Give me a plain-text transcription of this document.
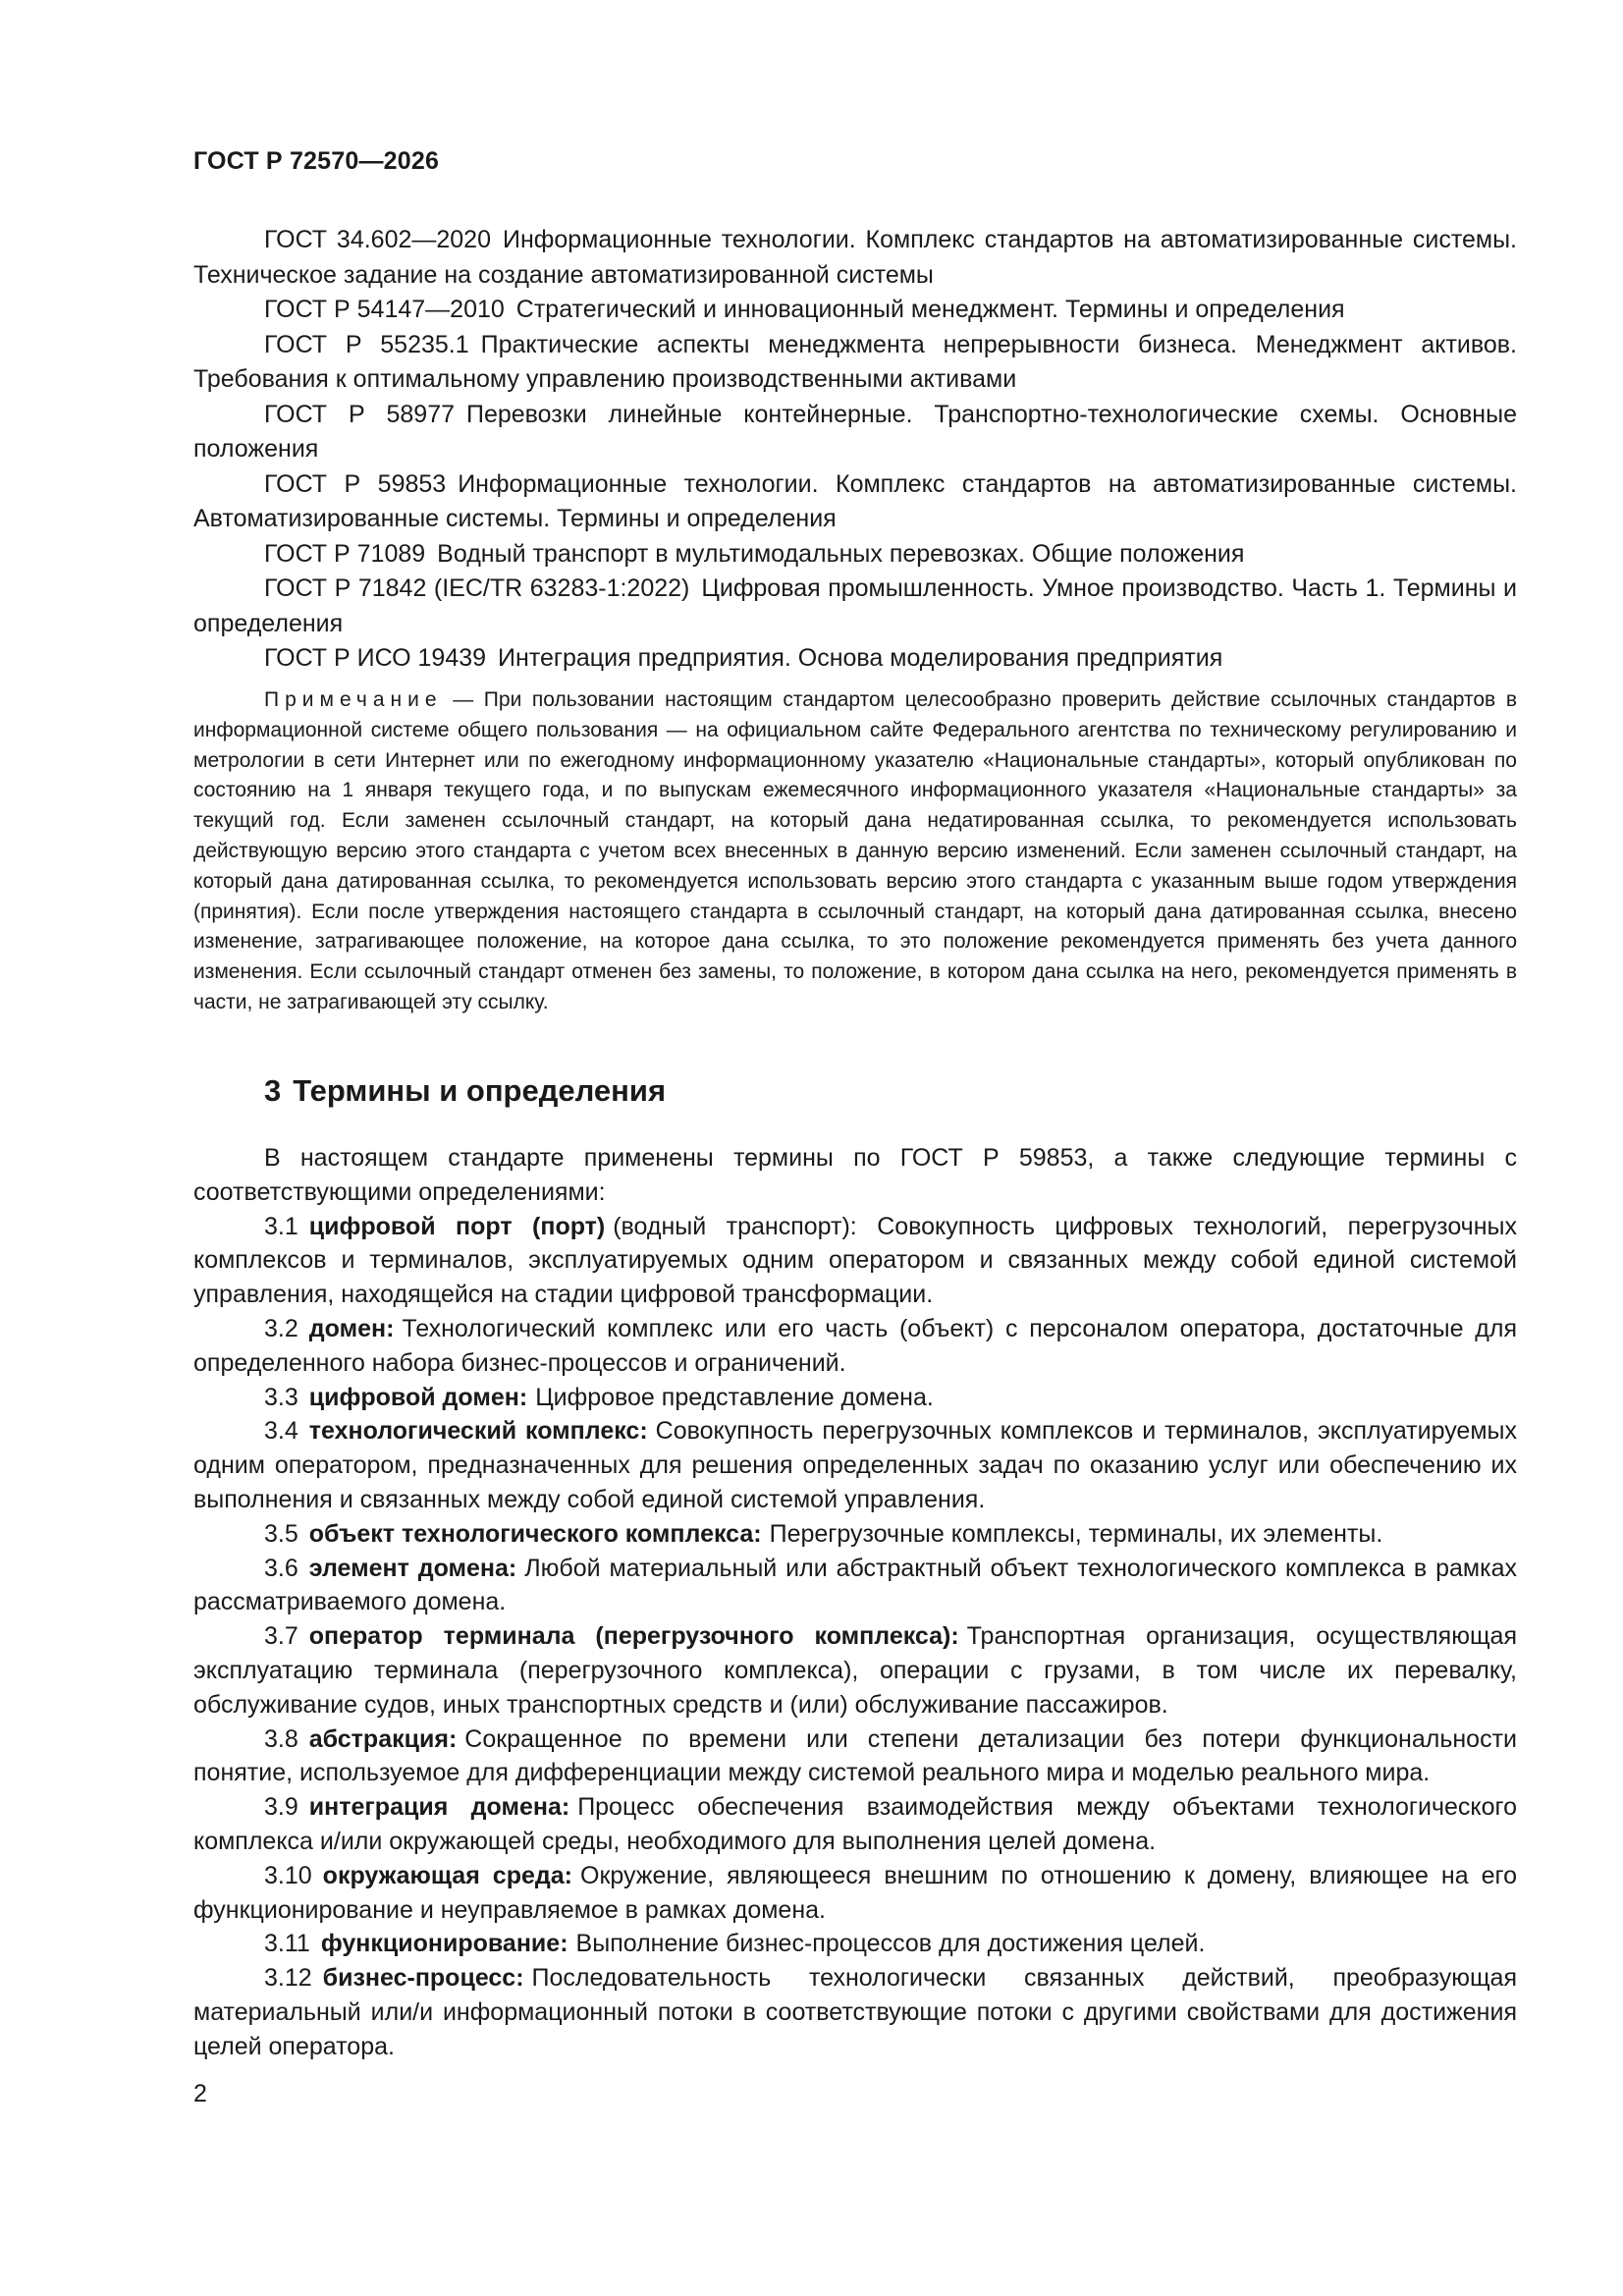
ГОСТ Р 72570—2026

ГОСТ 34.602—2020 Информационные технологии. Комплекс стандартов на автоматизированные системы. Техническое задание на создание автоматизированной системы

ГОСТ Р 54147—2010 Стратегический и инновационный менеджмент. Термины и определения

ГОСТ Р 55235.1 Практические аспекты менеджмента непрерывности бизнеса. Менеджмент активов. Требования к оптимальному управлению производственными активами

ГОСТ Р 58977 Перевозки линейные контейнерные. Транспортно-технологические схемы. Основные положения

ГОСТ Р 59853 Информационные технологии. Комплекс стандартов на автоматизированные системы. Автоматизированные системы. Термины и определения

ГОСТ Р 71089 Водный транспорт в мультимодальных перевозках. Общие положения

ГОСТ Р 71842 (IEC/TR 63283-1:2022) Цифровая промышленность. Умное производство. Часть 1. Термины и определения

ГОСТ Р ИСО 19439 Интеграция предприятия. Основа моделирования предприятия

Примечание — При пользовании настоящим стандартом целесообразно проверить действие ссылочных стандартов в информационной системе общего пользования — на официальном сайте Федерального агентства по техническому регулированию и метрологии в сети Интернет или по ежегодному информационному указателю «Национальные стандарты», который опубликован по состоянию на 1 января текущего года, и по выпускам ежемесячного информационного указателя «Национальные стандарты» за текущий год. Если заменен ссылочный стандарт, на который дана недатированная ссылка, то рекомендуется использовать действующую версию этого стандарта с учетом всех внесенных в данную версию изменений. Если заменен ссылочный стандарт, на который дана датированная ссылка, то рекомендуется использовать версию этого стандарта с указанным выше годом утверждения (принятия). Если после утверждения настоящего стандарта в ссылочный стандарт, на который дана датированная ссылка, внесено изменение, затрагивающее положение, на которое дана ссылка, то это положение рекомендуется применять без учета данного изменения. Если ссылочный стандарт отменен без замены, то положение, в котором дана ссылка на него, рекомендуется применять в части, не затрагивающей эту ссылку.

3 Термины и определения

В настоящем стандарте применены термины по ГОСТ Р 59853, а также следующие термины с соответствующими определениями:

3.1 цифровой порт (порт) (водный транспорт): Совокупность цифровых технологий, перегрузочных комплексов и терминалов, эксплуатируемых одним оператором и связанных между собой единой системой управления, находящейся на стадии цифровой трансформации.

3.2 домен: Технологический комплекс или его часть (объект) с персоналом оператора, достаточные для определенного набора бизнес-процессов и ограничений.

3.3 цифровой домен: Цифровое представление домена.

3.4 технологический комплекс: Совокупность перегрузочных комплексов и терминалов, эксплуатируемых одним оператором, предназначенных для решения определенных задач по оказанию услуг или обеспечению их выполнения и связанных между собой единой системой управления.

3.5 объект технологического комплекса: Перегрузочные комплексы, терминалы, их элементы.

3.6 элемент домена: Любой материальный или абстрактный объект технологического комплекса в рамках рассматриваемого домена.

3.7 оператор терминала (перегрузочного комплекса): Транспортная организация, осуществляющая эксплуатацию терминала (перегрузочного комплекса), операции с грузами, в том числе их перевалку, обслуживание судов, иных транспортных средств и (или) обслуживание пассажиров.

3.8 абстракция: Сокращенное по времени или степени детализации без потери функциональности понятие, используемое для дифференциации между системой реального мира и моделью реального мира.

3.9 интеграция домена: Процесс обеспечения взаимодействия между объектами технологического комплекса и/или окружающей среды, необходимого для выполнения целей домена.

3.10 окружающая среда: Окружение, являющееся внешним по отношению к домену, влияющее на его функционирование и неуправляемое в рамках домена.

3.11 функционирование: Выполнение бизнес-процессов для достижения целей.

3.12 бизнес-процесс: Последовательность технологически связанных действий, преобразующая материальный или/и информационный потоки в соответствующие потоки с другими свойствами для достижения целей оператора.

2
